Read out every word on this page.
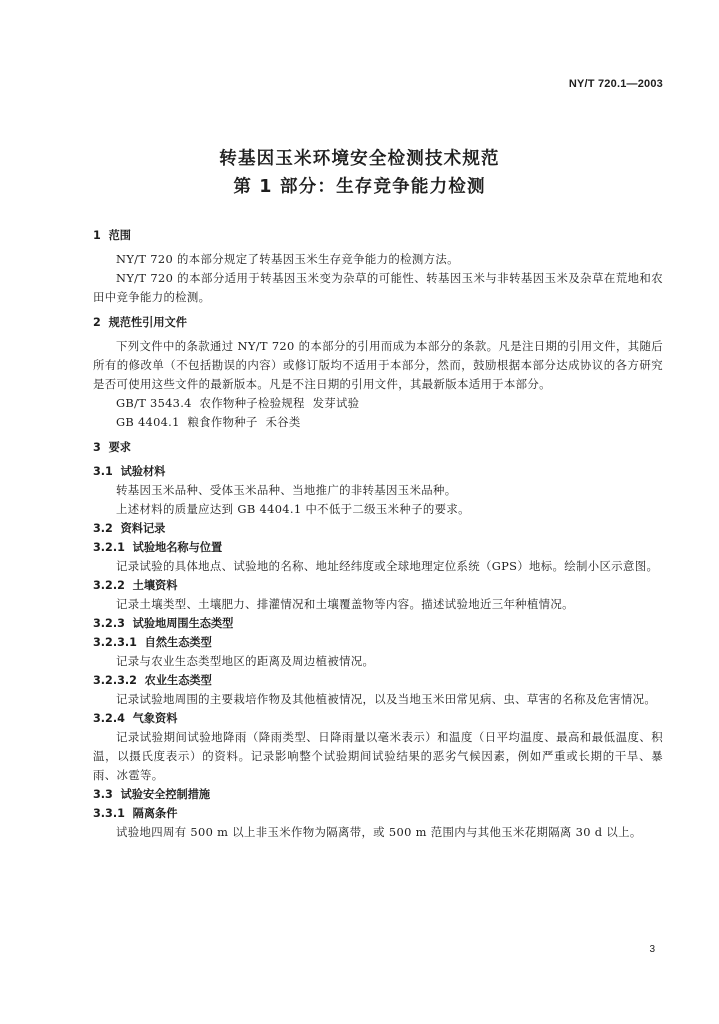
NY/T 720.1—2003
转基因玉米环境安全检测技术规范
第 1 部分：生存竞争能力检测
1  范围
NY/T 720 的本部分规定了转基因玉米生存竞争能力的检测方法。
NY/T 720 的本部分适用于转基因玉米变为杂草的可能性、转基因玉米与非转基因玉米及杂草在荒地和农田中竞争能力的检测。
2  规范性引用文件
下列文件中的条款通过 NY/T 720 的本部分的引用而成为本部分的条款。凡是注日期的引用文件，其随后所有的修改单（不包括勘误的内容）或修订版均不适用于本部分，然而，鼓励根据本部分达成协议的各方研究是否可使用这些文件的最新版本。凡是不注日期的引用文件，其最新版本适用于本部分。
GB/T 3543.4  农作物种子检验规程  发芽试验
GB 4404.1  粮食作物种子  禾谷类
3  要求
3.1  试验材料
转基因玉米品种、受体玉米品种、当地推广的非转基因玉米品种。
上述材料的质量应达到 GB 4404.1 中不低于二级玉米种子的要求。
3.2  资料记录
3.2.1  试验地名称与位置
记录试验的具体地点、试验地的名称、地址经纬度或全球地理定位系统（GPS）地标。绘制小区示意图。
3.2.2  土壤资料
记录土壤类型、土壤肥力、排灌情况和土壤覆盖物等内容。描述试验地近三年种植情况。
3.2.3  试验地周围生态类型
3.2.3.1  自然生态类型
记录与农业生态类型地区的距离及周边植被情况。
3.2.3.2  农业生态类型
记录试验地周围的主要栽培作物及其他植被情况，以及当地玉米田常见病、虫、草害的名称及危害情况。
3.2.4  气象资料
记录试验期间试验地降雨（降雨类型、日降雨量以毫米表示）和温度（日平均温度、最高和最低温度、积温，以摄氏度表示）的资料。记录影响整个试验期间试验结果的恶劣气候因素，例如严重或长期的干旱、暴雨、冰雹等。
3.3  试验安全控制措施
3.3.1  隔离条件
试验地四周有 500 m 以上非玉米作物为隔离带，或 500 m 范围内与其他玉米花期隔离 30 d 以上。
3
